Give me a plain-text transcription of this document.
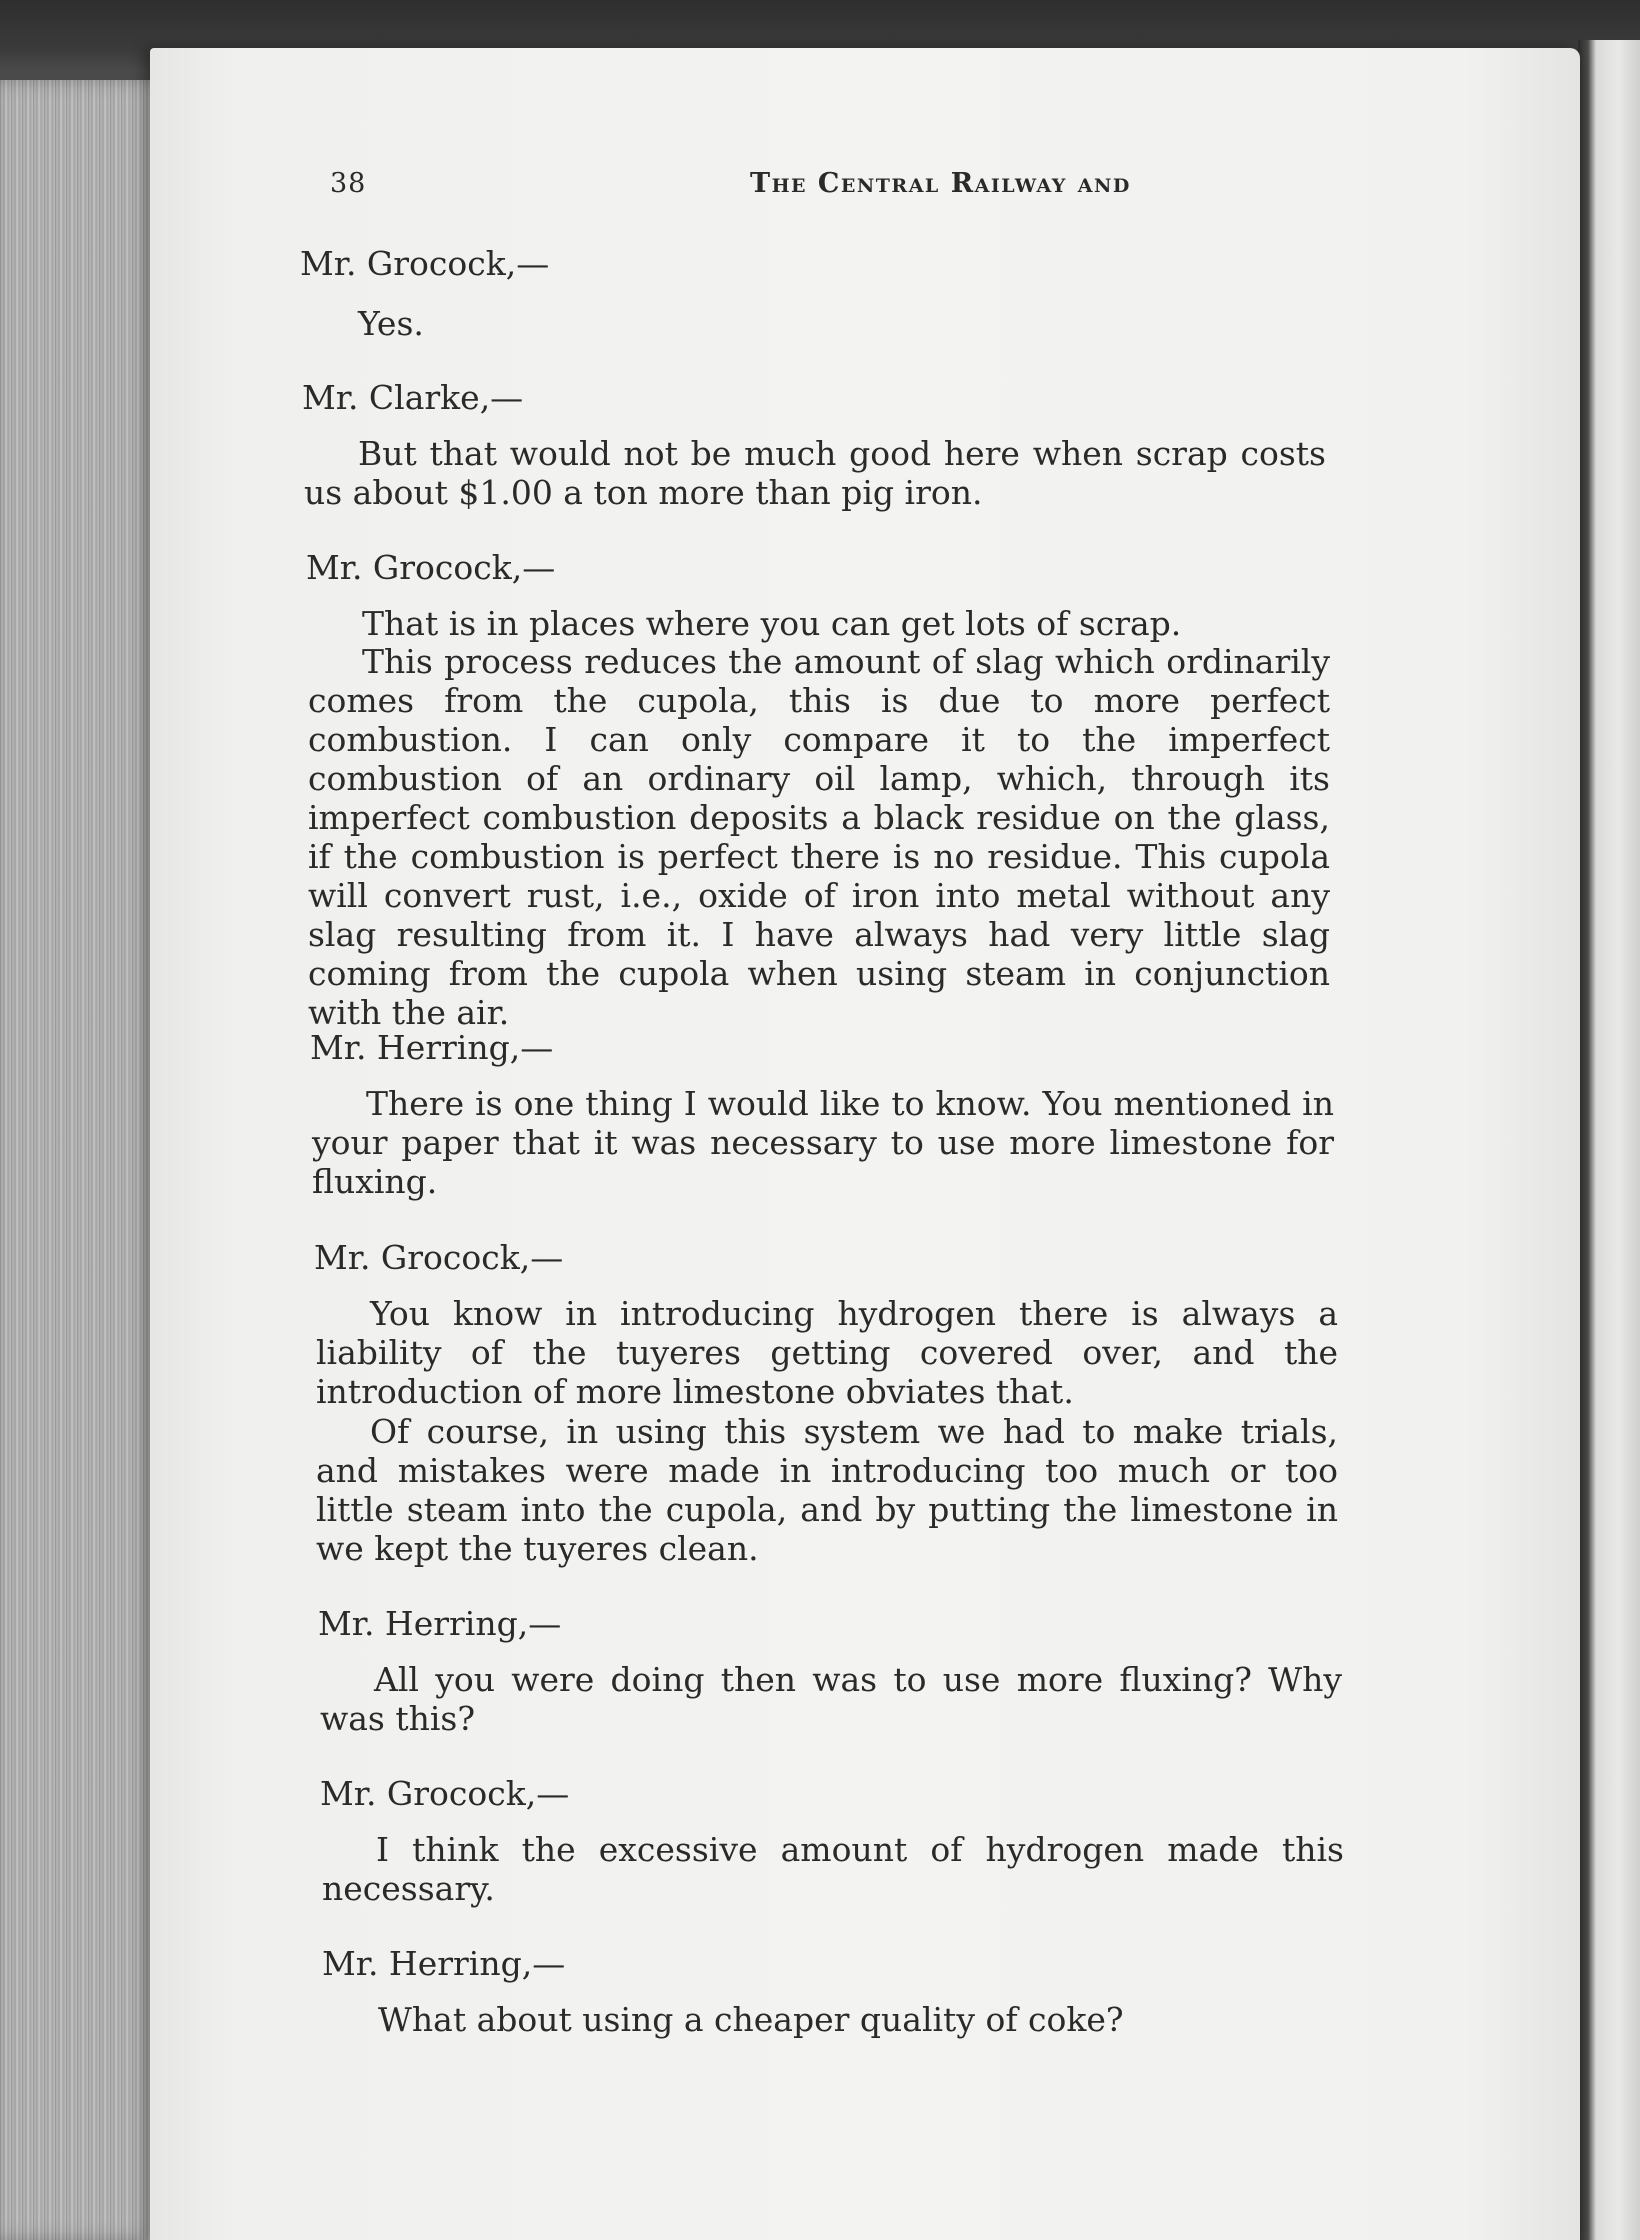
38	The Central Railway and
Mr. Grocock,—
Yes.
Mr. Clarke,—
But that would not be much good here when scrap costs us about $1.00 a ton more than pig iron.
Mr. Grocock,—
That is in places where you can get lots of scrap.
This process reduces the amount of slag which ordinarily comes from the cupola, this is due to more perfect combustion. I can only compare it to the imperfect combustion of an ordinary oil lamp, which, through its imperfect combustion deposits a black residue on the glass, if the combustion is perfect there is no residue. This cupola will convert rust, i.e., oxide of iron into metal without any slag resulting from it. I have always had very little slag coming from the cupola when using steam in conjunction with the air.
Mr. Herring,—
There is one thing I would like to know. You mentioned in your paper that it was necessary to use more limestone for fluxing.
Mr. Grocock,—
You know in introducing hydrogen there is always a liability of the tuyeres getting covered over, and the introduction of more limestone obviates that.
Of course, in using this system we had to make trials, and mistakes were made in introducing too much or too little steam into the cupola, and by putting the limestone in we kept the tuyeres clean.
Mr. Herring,—
All you were doing then was to use more fluxing? Why was this?
Mr. Grocock,—
I think the excessive amount of hydrogen made this necessary.
Mr. Herring,—
What about using a cheaper quality of coke?
